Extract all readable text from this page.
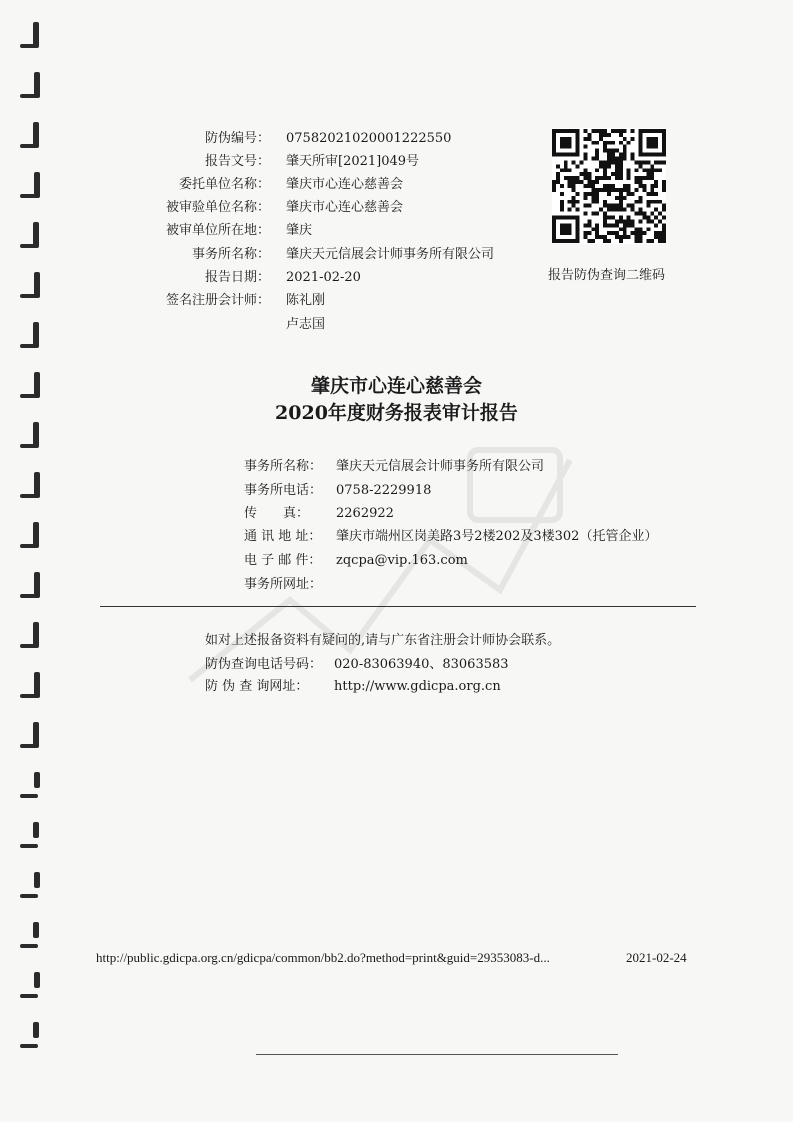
防伪编号： 07582021020001222550
报告文号： 肇天所审[2021]049号
委托单位名称： 肇庆市心连心慈善会
被审验单位名称： 肇庆市心连心慈善会
被审单位所在地： 肇庆
事务所名称： 肇庆天元信展会计师事务所有限公司
报告日期： 2021-02-20
签名注册会计师： 陈礼刚
卢志国
报告防伪查询二维码
肇庆市心连心慈善会
2020年度财务报表审计报告
事务所名称： 肇庆天元信展会计师事务所有限公司
事务所电话： 0758-2229918
传　　真： 2262922
通 讯 地 址： 肇庆市端州区岗美路3号2楼202及3楼302（托管企业）
电 子 邮 件： zqcpa@vip.163.com
事务所网址：
如对上述报备资料有疑问的,请与广东省注册会计师协会联系。
防伪查询电话号码： 020-83063940、83063583
防 伪 查 询网址： http://www.gdicpa.org.cn
http://public.gdicpa.org.cn/gdicpa/common/bb2.do?method=print&guid=29353083-d...	2021-02-24
